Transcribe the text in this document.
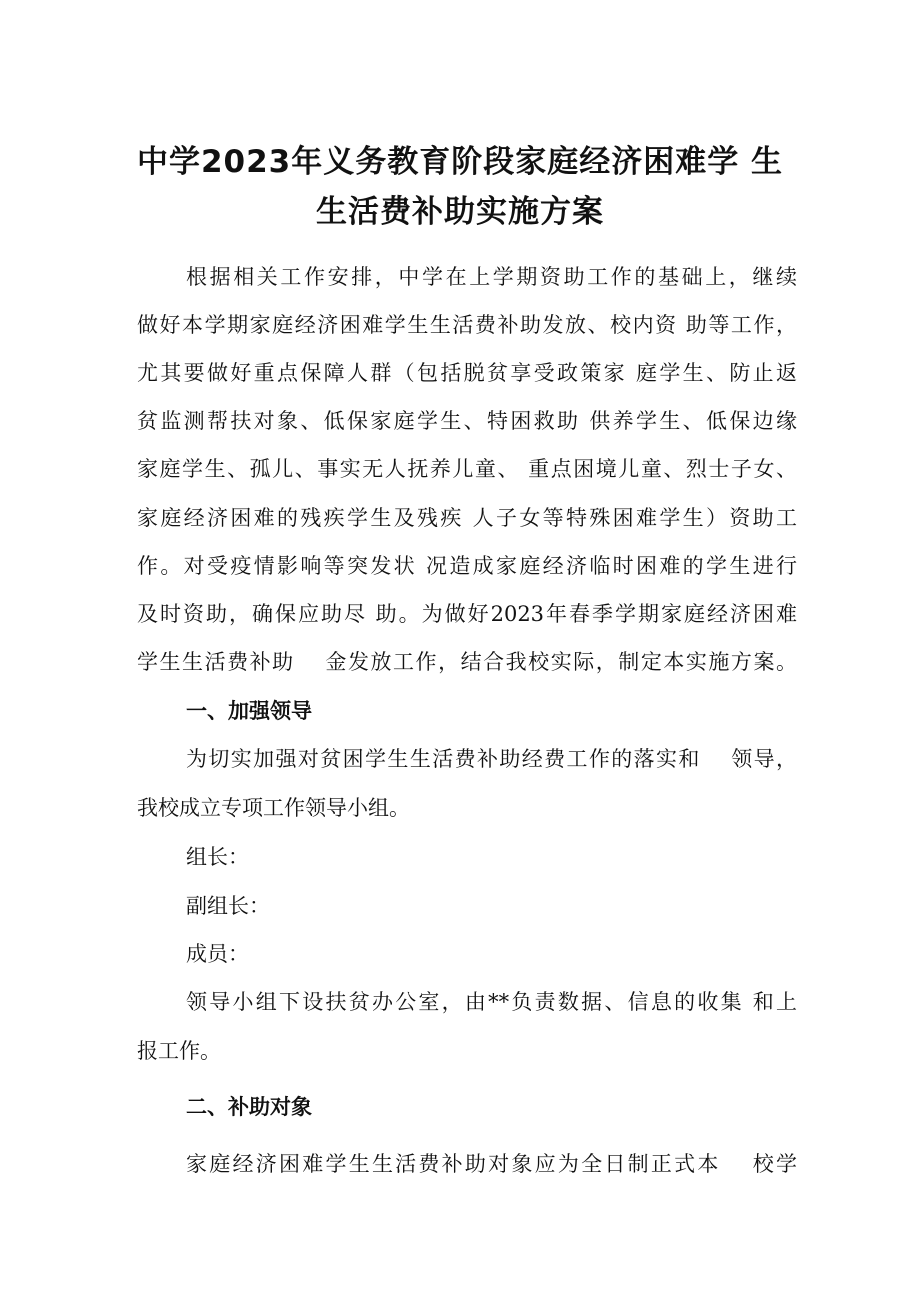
中学2023年义务教育阶段家庭经济困难学 生
生活费补助实施方案
根据相关工作安排，中学在上学期资助工作的基础上，继续
做好本学期家庭经济困难学生生活费补助发放、校内资 助等工作，
尤其要做好重点保障人群（包括脱贫享受政策家 庭学生、防止返
贫监测帮扶对象、低保家庭学生、特困救助 供养学生、低保边缘
家庭学生、孤儿、事实无人抚养儿童、 重点困境儿童、烈士子女、
家庭经济困难的残疾学生及残疾 人子女等特殊困难学生）资助工
作。对受疫情影响等突发状 况造成家庭经济临时困难的学生进行
及时资助，确保应助尽 助。为做好2023年春季学期家庭经济困难
学生生活费补助　 金发放工作，结合我校实际，制定本实施方案。
一、加强领导
为切实加强对贫困学生生活费补助经费工作的落实和　 领导，
我校成立专项工作领导小组。
组长：
副组长：
成员：
领导小组下设扶贫办公室，由**负责数据、信息的收集 和上
报工作。
二、补助对象
家庭经济困难学生生活费补助对象应为全日制正式本　 校学
